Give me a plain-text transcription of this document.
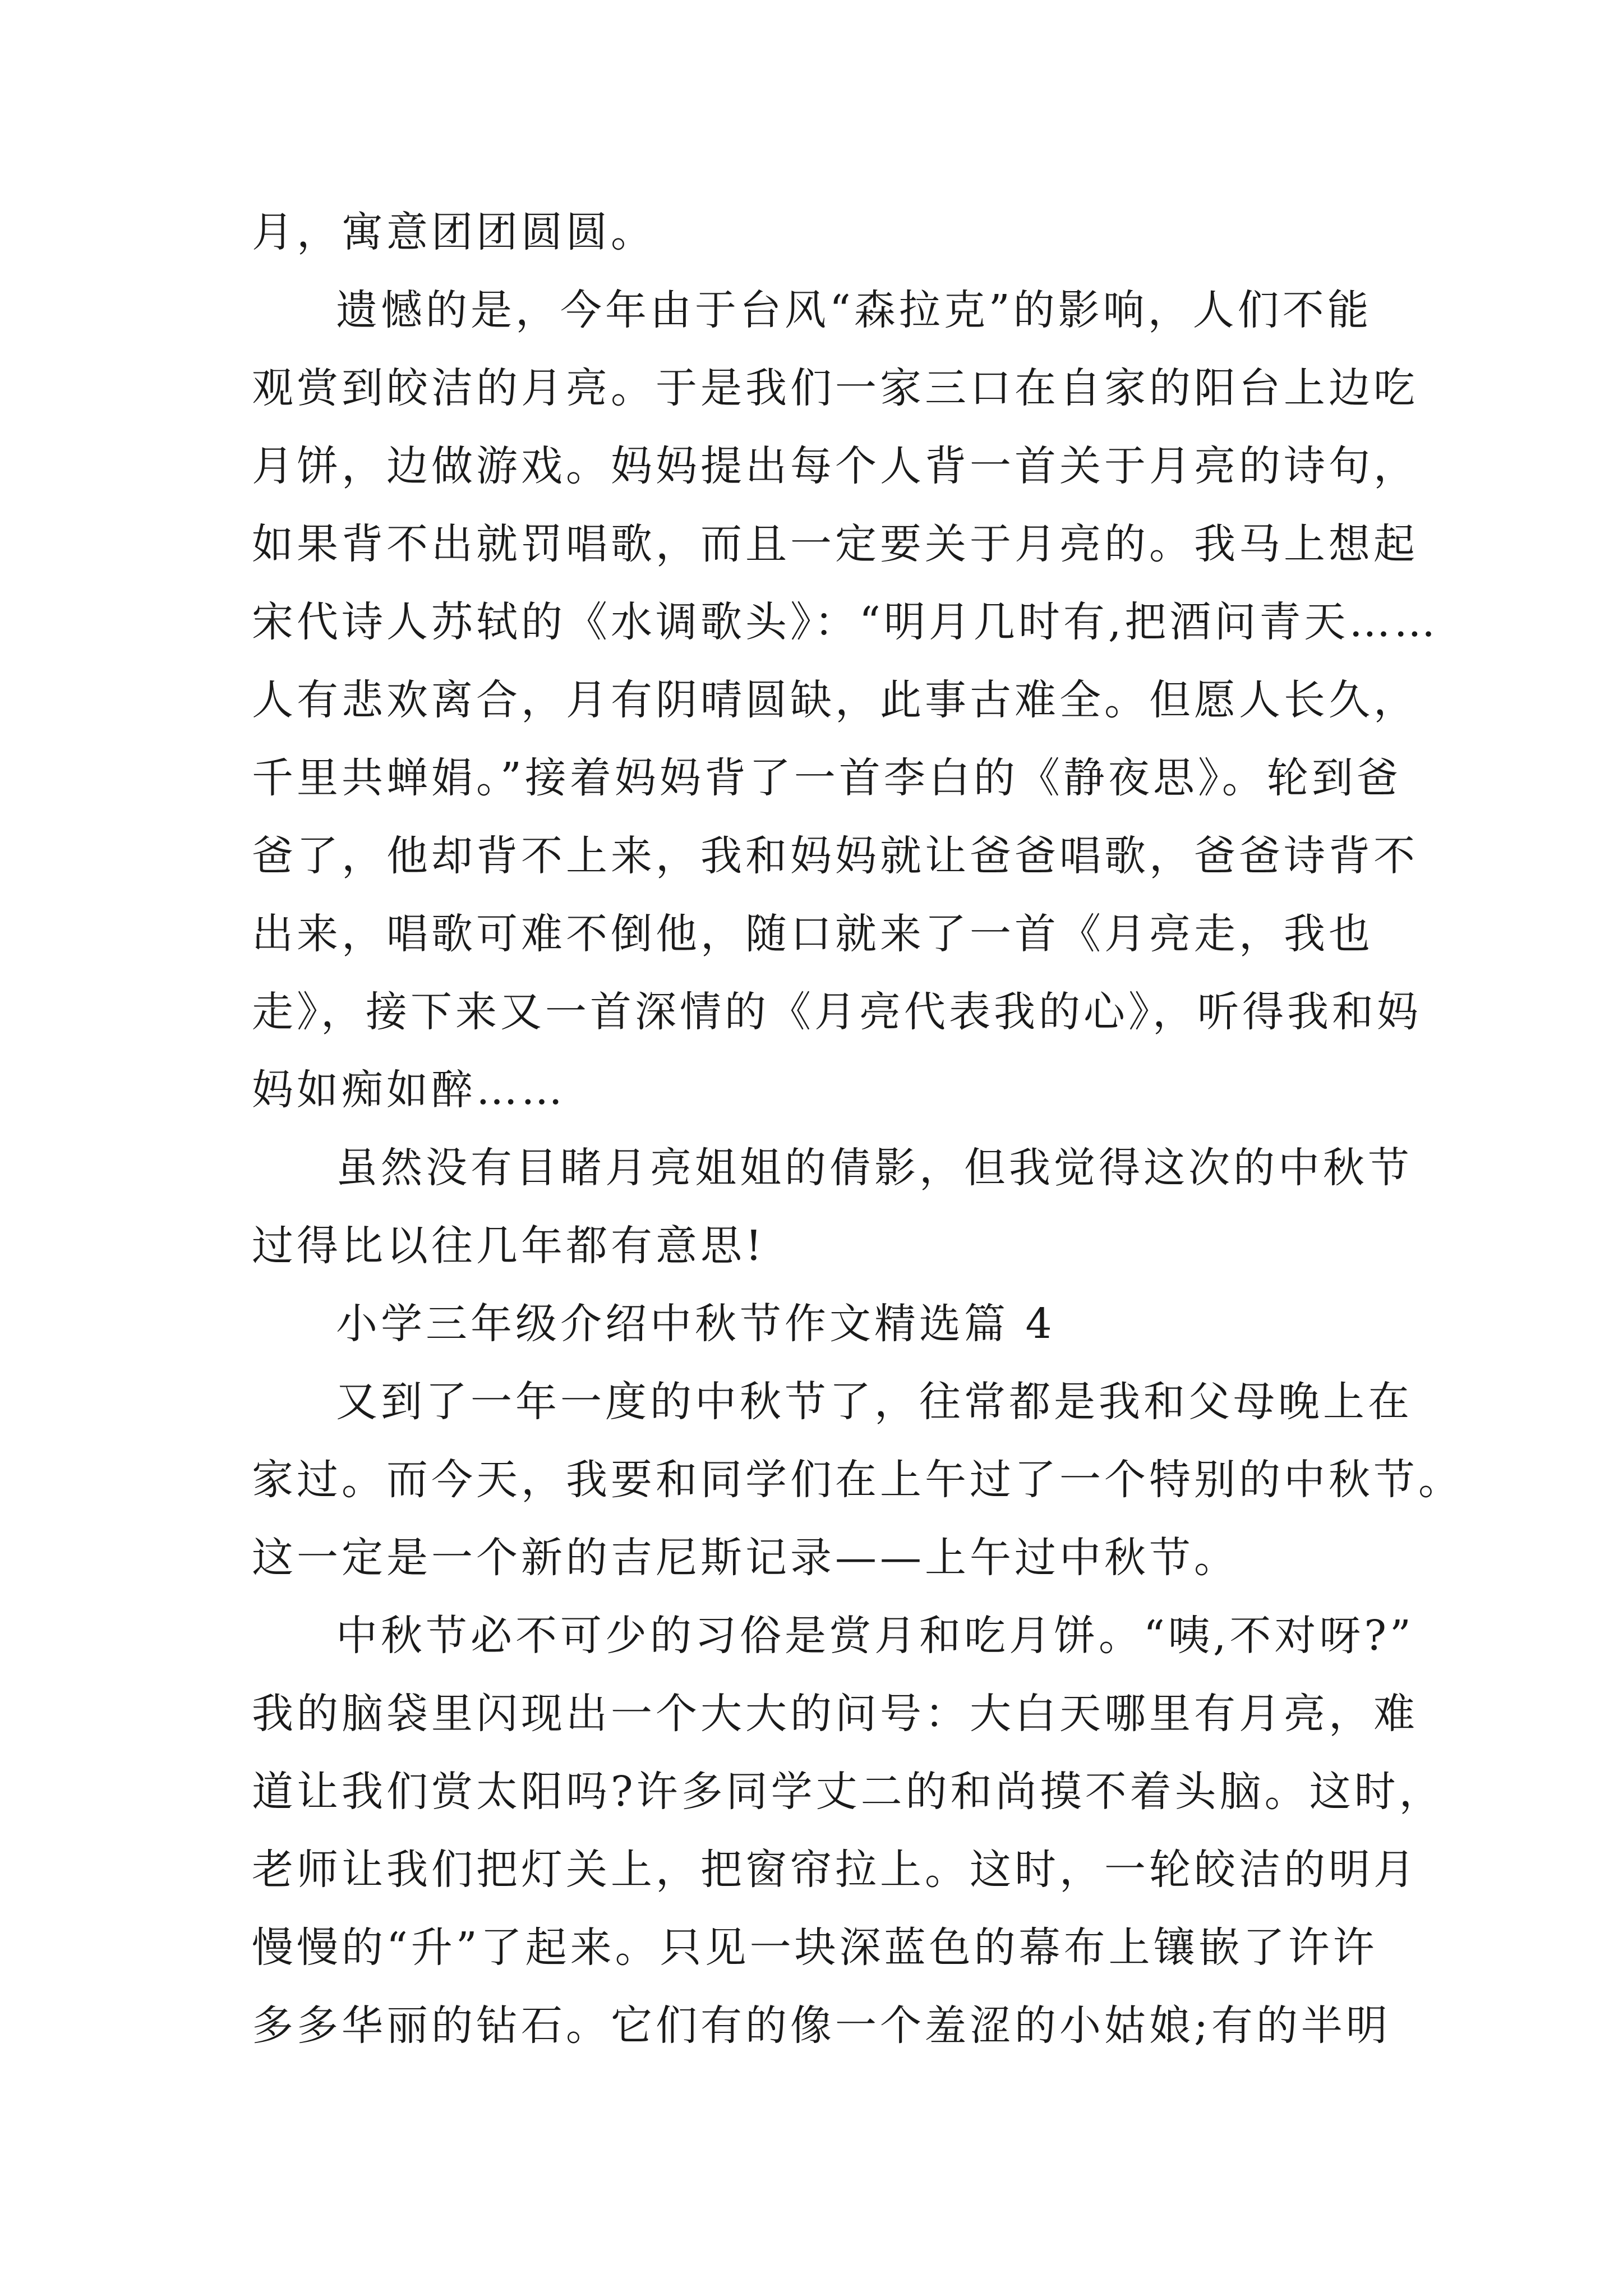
月，寓意团团圆圆。
遗憾的是，今年由于台风“森拉克”的影响，人们不能
观赏到皎洁的月亮。于是我们一家三口在自家的阳台上边吃
月饼，边做游戏。妈妈提出每个人背一首关于月亮的诗句，
如果背不出就罚唱歌，而且一定要关于月亮的。我马上想起
宋代诗人苏轼的《水调歌头》：“明月几时有,把酒问青天……
人有悲欢离合，月有阴晴圆缺，此事古难全。但愿人长久，
千里共蝉娟。”接着妈妈背了一首李白的《静夜思》。轮到爸
爸了，他却背不上来，我和妈妈就让爸爸唱歌，爸爸诗背不
出来，唱歌可难不倒他，随口就来了一首《月亮走，我也
走》，接下来又一首深情的《月亮代表我的心》，听得我和妈
妈如痴如醉……
虽然没有目睹月亮姐姐的倩影，但我觉得这次的中秋节
过得比以往几年都有意思!
小学三年级介绍中秋节作文精选篇 4
又到了一年一度的中秋节了，往常都是我和父母晚上在
家过。而今天，我要和同学们在上午过了一个特别的中秋节。
这一定是一个新的吉尼斯记录——上午过中秋节。
中秋节必不可少的习俗是赏月和吃月饼。“咦,不对呀?”
我的脑袋里闪现出一个大大的问号：大白天哪里有月亮，难
道让我们赏太阳吗?许多同学丈二的和尚摸不着头脑。这时，
老师让我们把灯关上，把窗帘拉上。这时，一轮皎洁的明月
慢慢的“升”了起来。只见一块深蓝色的幕布上镶嵌了许许
多多华丽的钻石。它们有的像一个羞涩的小姑娘;有的半明
